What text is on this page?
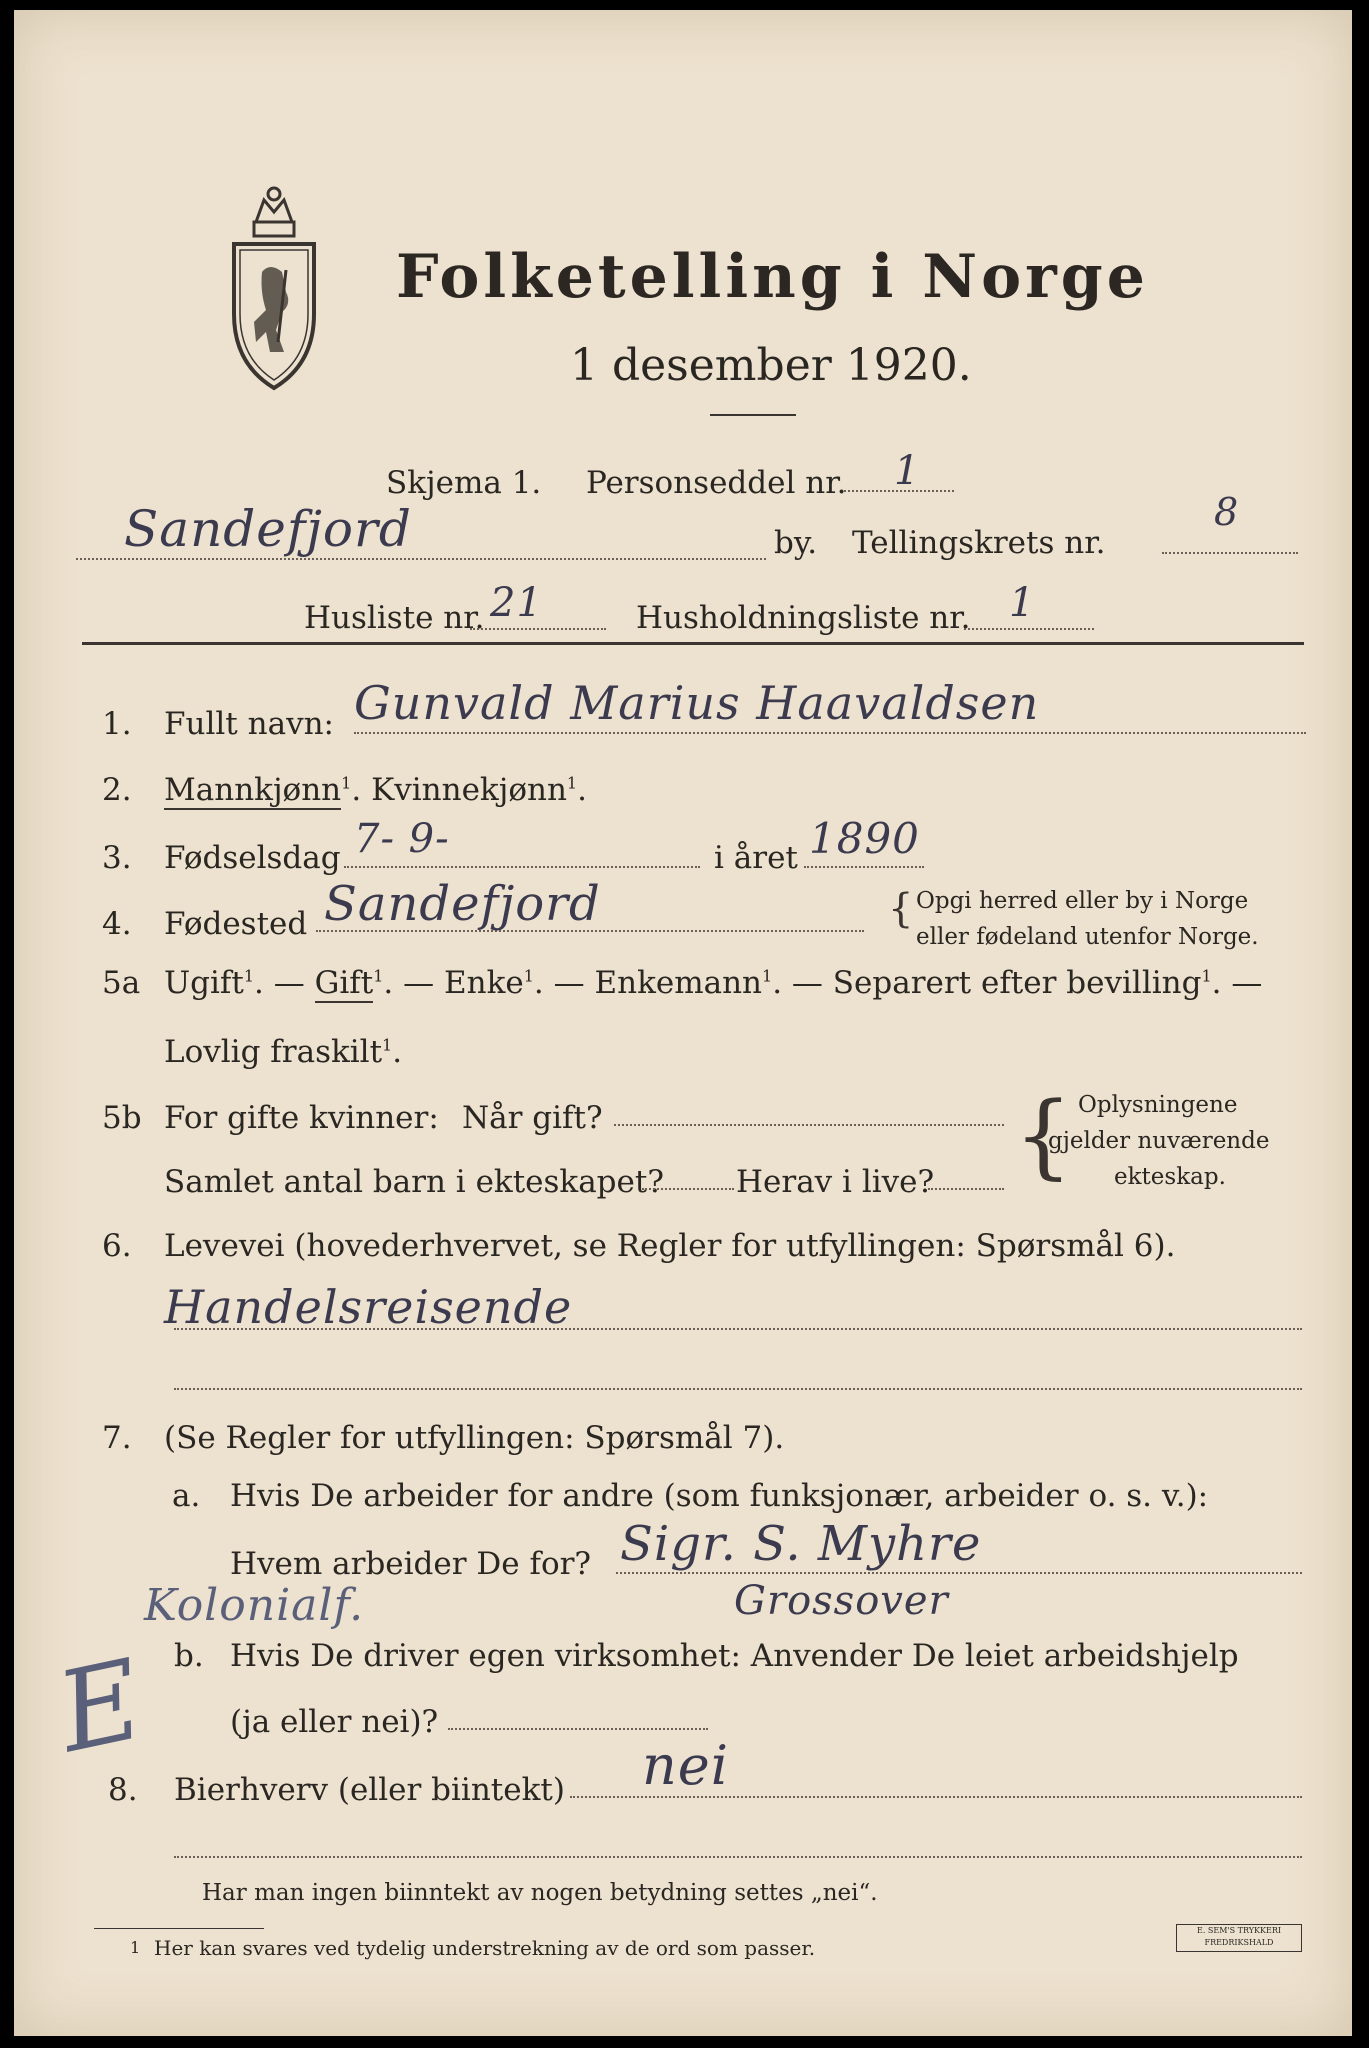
Folketelling i Norge
1 desember 1920.
Skjema 1. Personseddel nr. 1
Sandefjord	by. Tellingskrets nr.
8
Husliste nr. 21	Husholdningsliste nr. 1
1. Fullt navn: Gunvald Marius Haavaldsen
2. Mannkjønn$^1$. Kvinnekjønn$^1$.
3. Fødselsdag 7- 9-	i året 1890
4. Fødested Sandefjord	{ Opgi herred eller by i Norge
eller fødeland utenfor Norge.
5a Ugift$^1$. — Gift$^1$. — Enke$^1$. — Enkemann$^1$. — Separert efter bevilling$^1$. —
Lovlig fraskilt$^1$.
5b For gifte kvinner: Når gift?
Samlet antal barn i ekteskapet? Herav i live? { Oplysningene
gjelder nuværende
ekteskap.
6. Levevei (hovederhvervet, se Regler for utfyllingen: Spørsmål 6).
Handelsreisende
7. (Se Regler for utfyllingen: Spørsmål 7).
a. Hvis De arbeider for andre (som funksjonær, arbeider o. s. v.):
Hvem arbeider De for? Sigr. S. Myhre
Grossover
Kolonialf.
b. Hvis De driver egen virksomhet: Anvender De leiet arbeidshjelp
(ja eller nei)?
E
8. Bierhverv (eller biintekt) nei
Har man ingen biinntekt av nogen betydning settes „nei“.
1 Her kan svares ved tydelig understrekning av de ord som passer.
E. SEM'S TRYKKERI
FREDRIKSHALD
